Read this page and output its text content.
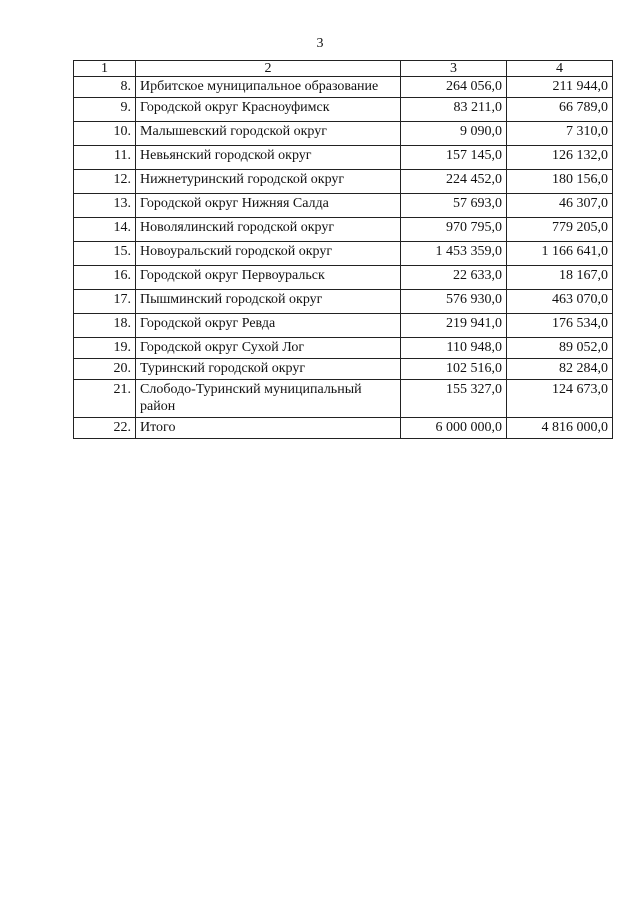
3
1	2	3	4
8.	Ирбитское муниципальное образование	264 056,0	211 944,0
9.	Городской округ Красноуфимск	83 211,0	66 789,0
10.	Малышевский городской округ	9 090,0	7 310,0
11.	Невьянский городской округ	157 145,0	126 132,0
12.	Нижнетуринский городской округ	224 452,0	180 156,0
13.	Городской округ Нижняя Салда	57 693,0	46 307,0
14.	Новолялинский городской округ	970 795,0	779 205,0
15.	Новоуральский городской округ	1 453 359,0	1 166 641,0
16.	Городской округ Первоуральск	22 633,0	18 167,0
17.	Пышминский городской округ	576 930,0	463 070,0
18.	Городской округ Ревда	219 941,0	176 534,0
19.	Городской округ Сухой Лог	110 948,0	89 052,0
20.	Туринский городской округ	102 516,0	82 284,0
21.	Слободо-Туринский муниципальный район	155 327,0	124 673,0
22.	Итого	6 000 000,0	4 816 000,0
